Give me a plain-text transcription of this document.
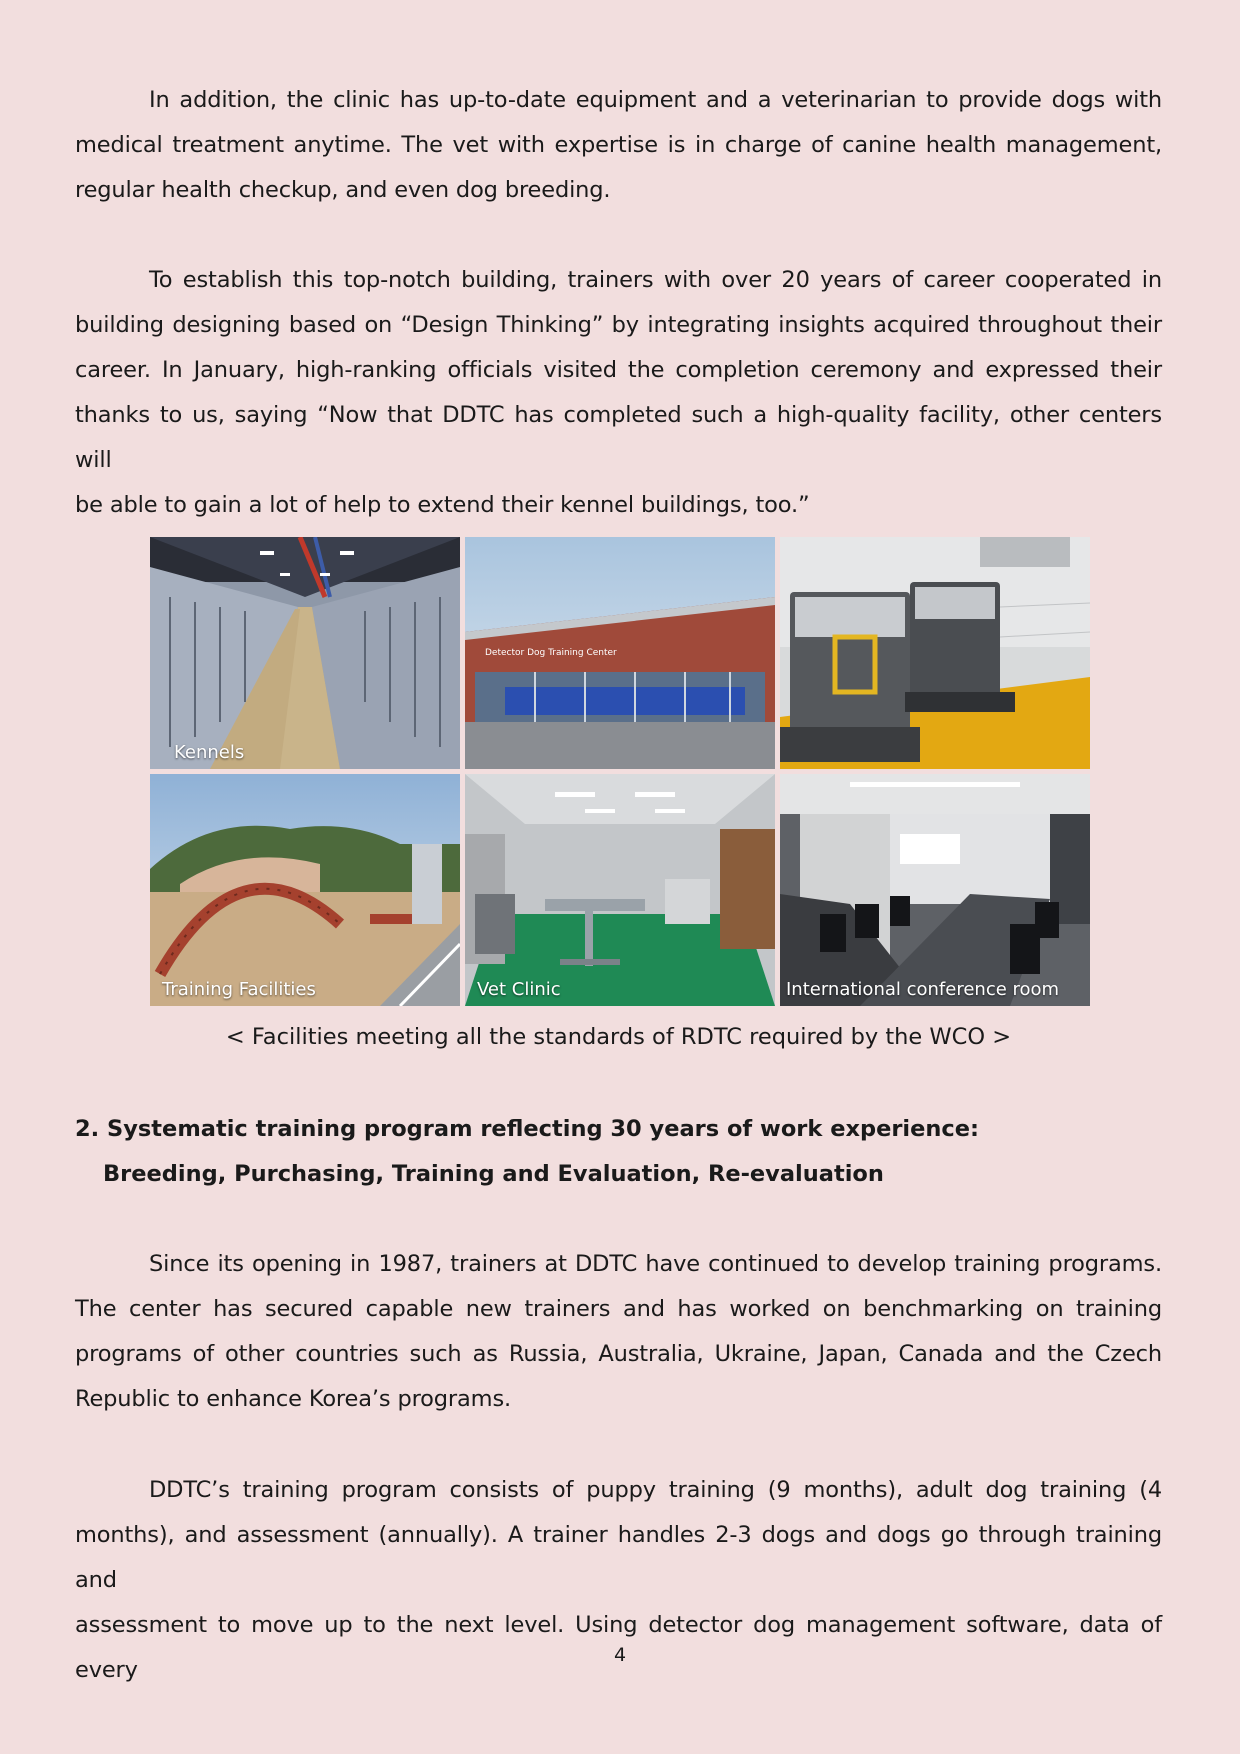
In addition, the clinic has up-to-date equipment and a veterinarian to provide dogs with
medical treatment anytime. The vet with expertise is in charge of canine health management,
regular health checkup, and even dog breeding.
To establish this top-notch building, trainers with over 20 years of career cooperated in
building designing based on “Design Thinking” by integrating insights acquired throughout their
career. In January, high-ranking officials visited the completion ceremony and expressed their
thanks to us, saying “Now that DDTC has completed such a high-quality facility, other centers will
be able to gain a lot of help to extend their kennel buildings, too.”
Kennels
Detector Dog Training Center
Training Facilities	Vet Clinic	International conference room
< Facilities meeting all the standards of RDTC required by the WCO >
2. Systematic training program reflecting 30 years of work experience:
Breeding, Purchasing, Training and Evaluation, Re-evaluation
Since its opening in 1987, trainers at DDTC have continued to develop training programs.
The center has secured capable new trainers and has worked on benchmarking on training
programs of other countries such as Russia, Australia, Ukraine, Japan, Canada and the Czech
Republic to enhance Korea’s programs.
DDTC’s training program consists of puppy training (9 months), adult dog training (4
months), and assessment (annually). A trainer handles 2-3 dogs and dogs go through training and
assessment to move up to the next level. Using detector dog management software, data of every
4
